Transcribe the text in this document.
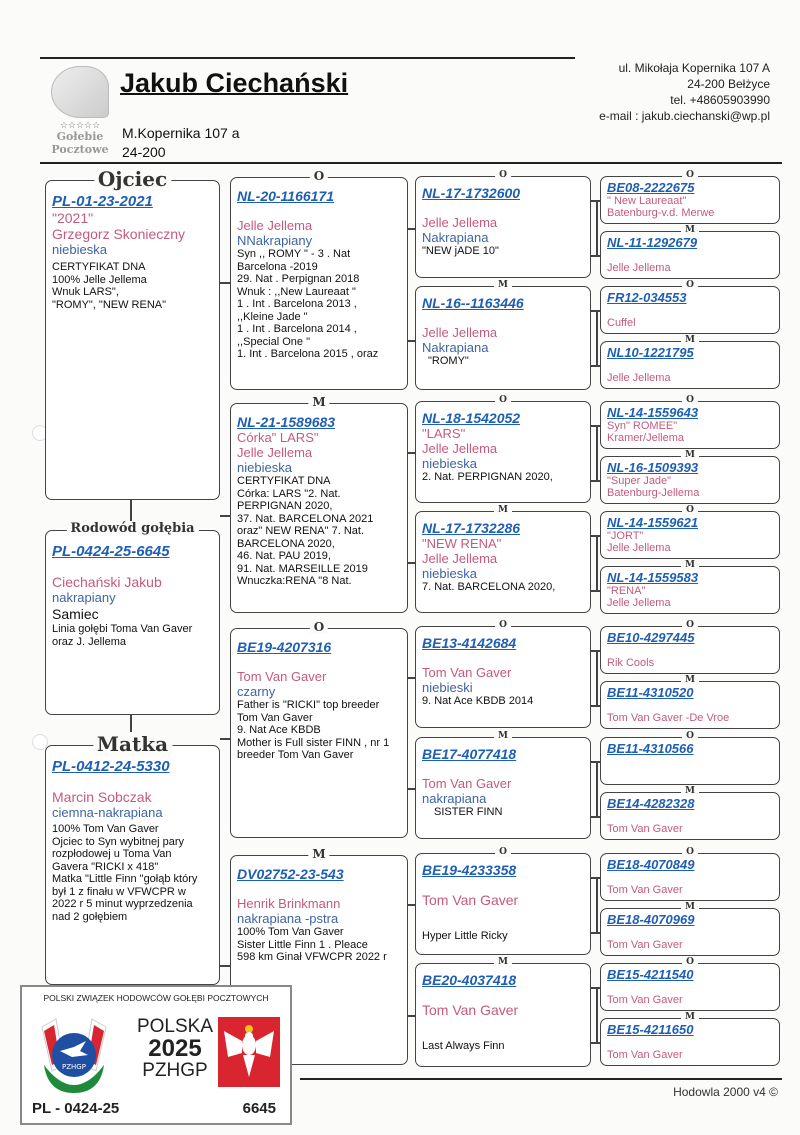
☆☆☆☆☆
Gołebie
Pocztowe
Jakub Ciechański
M.Kopernika 107 a
24-200
ul. Mikołaja Kopernika 107 A
24-200 Bełżyce
tel. +48605903990
e-mail : jakub.ciechanski@wp.pl
Ojciec
PL-01-23-2021
"2021"
Grzegorz Skonieczny
niebieska
CERTYFIKAT DNA
100% Jelle Jellema
Wnuk LARS",
"ROMY", "NEW RENA"
Rodowód gołębia
PL-0424-25-6645
Ciechański Jakub
nakrapiany
Samiec
Linia gołębi Toma Van Gaver
oraz J. Jellema
Matka
PL-0412-24-5330
Marcin Sobczak
ciemna-nakrapiana
100% Tom Van Gaver
Ojciec to Syn wybitnej pary
rozpłodowej u Toma Van
Gavera "RICKI x 418"
Matka "Little Finn "gołąb który
był 1 z finału w VFWCPR w
2022 r 5 minut wyprzedzenia
nad 2 gołębiem
O
NL-20-1166171
Jelle Jellema
NNakrapiany
Syn ,, ROMY " - 3 . Nat
Barcelona -2019
29. Nat . Perpignan 2018
Wnuk : ,,New Laureaat "
1 . Int . Barcelona 2013 ,
,,Kleine Jade "
1 . Int . Barcelona 2014 ,
,,Special One "
1. Int . Barcelona 2015 , oraz
M
NL-21-1589683
Córka" LARS"
Jelle Jellema
niebieska
CERTYFIKAT DNA
Córka: LARS "2. Nat.
PERPIGNAN 2020,
37. Nat. BARCELONA 2021
oraz" NEW RENA" 7. Nat.
BARCELONA 2020,
46. Nat. PAU 2019,
91. Nat. MARSEILLE 2019
Wnuczka:RENA "8 Nat.
O
BE19-4207316
Tom Van Gaver
czarny
Father is "RICKI" top breeder
Tom Van Gaver
9. Nat Ace KBDB
Mother is Full sister FINN , nr 1
breeder Tom Van Gaver
M
DV02752-23-543
Henrik Brinkmann
nakrapiana -pstra
100% Tom Van Gaver
Sister Little Finn 1 . Pleace
598 km Ginał VFWCPR 2022 r
O
NL-17-1732600
Jelle Jellema
Nakrapiana
"NEW jADE 10"
M
NL-16--1163446
Jelle Jellema
Nakrapiana
"ROMY"
O
NL-18-1542052
"LARS"
Jelle Jellema
niebieska
2. Nat. PERPIGNAN 2020,
M
NL-17-1732286
"NEW RENA"
Jelle Jellema
niebieska
7. Nat. BARCELONA 2020,
O
BE13-4142684
Tom Van Gaver
niebieski
9. Nat Ace KBDB 2014
M
BE17-4077418
Tom Van Gaver
nakrapiana
SISTER FINN
O
BE19-4233358
Tom Van Gaver
Hyper Little Ricky
M
BE20-4037418
Tom Van Gaver
Last Always Finn
O
BE08-2222675
" New Laureaat"
Batenburg-v.d. Merwe
M
NL-11-1292679
Jelle Jellema
O
FR12-034553
Cuffel
M
NL10-1221795
Jelle Jellema
O
NL-14-1559643
Syn" ROMEE"
Kramer/Jellema
M
NL-16-1509393
"Super Jade"
Batenburg-Jellema
O
NL-14-1559621
"JORT"
Jelle Jellema
M
NL-14-1559583
"RENA"
Jelle Jellema
O
BE10-4297445
Rik Cools
M
BE11-4310520
Tom Van Gaver -De Vroe
O
BE11-4310566
M
BE14-4282328
Tom Van Gaver
O
BE18-4070849
Tom Van Gaver
M
BE18-4070969
Tom Van Gaver
O
BE15-4211540
Tom Van Gaver
M
BE15-4211650
Tom Van Gaver
POLSKI ZWIĄZEK HODOWCÓW GOŁĘBI POCZTOWYCH
PZHGP
POLSKA
2025
PZHGP
PL - 0424-25	6645
Hodowla 2000 v4 ©
